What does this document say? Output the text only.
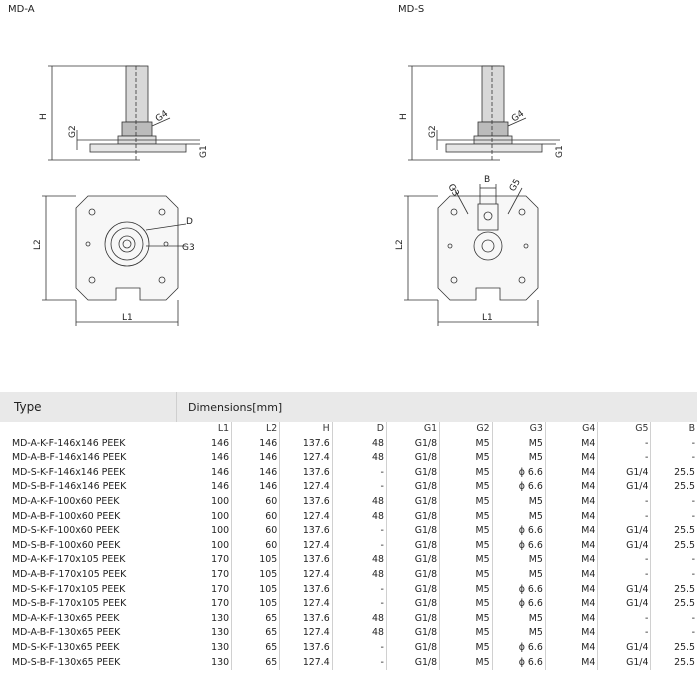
MD-A	MD-S
H
G2
G4
G1
L2
L1
D
G3
H
G2
G4
G1
L2
L1
B
G3	G5
Type	Dimensions[mm]
	L1	L2	H	D	G1	G2	G3	G4	G5	B
MD-A-K-F-146x146 PEEK	146	146	137.6	48	G1/8	M5	M5	M4	-	-
MD-A-B-F-146x146 PEEK	146	146	127.4	48	G1/8	M5	M5	M4	-	-
MD-S-K-F-146x146 PEEK	146	146	137.6	-	G1/8	M5	ɸ 6.6	M4	G1/4	25.5
MD-S-B-F-146x146 PEEK	146	146	127.4	-	G1/8	M5	ɸ 6.6	M4	G1/4	25.5
MD-A-K-F-100x60 PEEK	100	60	137.6	48	G1/8	M5	M5	M4	-	-
MD-A-B-F-100x60 PEEK	100	60	127.4	48	G1/8	M5	M5	M4	-	-
MD-S-K-F-100x60 PEEK	100	60	137.6	-	G1/8	M5	ɸ 6.6	M4	G1/4	25.5
MD-S-B-F-100x60 PEEK	100	60	127.4	-	G1/8	M5	ɸ 6.6	M4	G1/4	25.5
MD-A-K-F-170x105 PEEK	170	105	137.6	48	G1/8	M5	M5	M4	-	-
MD-A-B-F-170x105 PEEK	170	105	127.4	48	G1/8	M5	M5	M4	-	-
MD-S-K-F-170x105 PEEK	170	105	137.6	-	G1/8	M5	ɸ 6.6	M4	G1/4	25.5
MD-S-B-F-170x105 PEEK	170	105	127.4	-	G1/8	M5	ɸ 6.6	M4	G1/4	25.5
MD-A-K-F-130x65 PEEK	130	65	137.6	48	G1/8	M5	M5	M4	-	-
MD-A-B-F-130x65 PEEK	130	65	127.4	48	G1/8	M5	M5	M4	-	-
MD-S-K-F-130x65 PEEK	130	65	137.6	-	G1/8	M5	ɸ 6.6	M4	G1/4	25.5
MD-S-B-F-130x65 PEEK	130	65	127.4	-	G1/8	M5	ɸ 6.6	M4	G1/4	25.5
